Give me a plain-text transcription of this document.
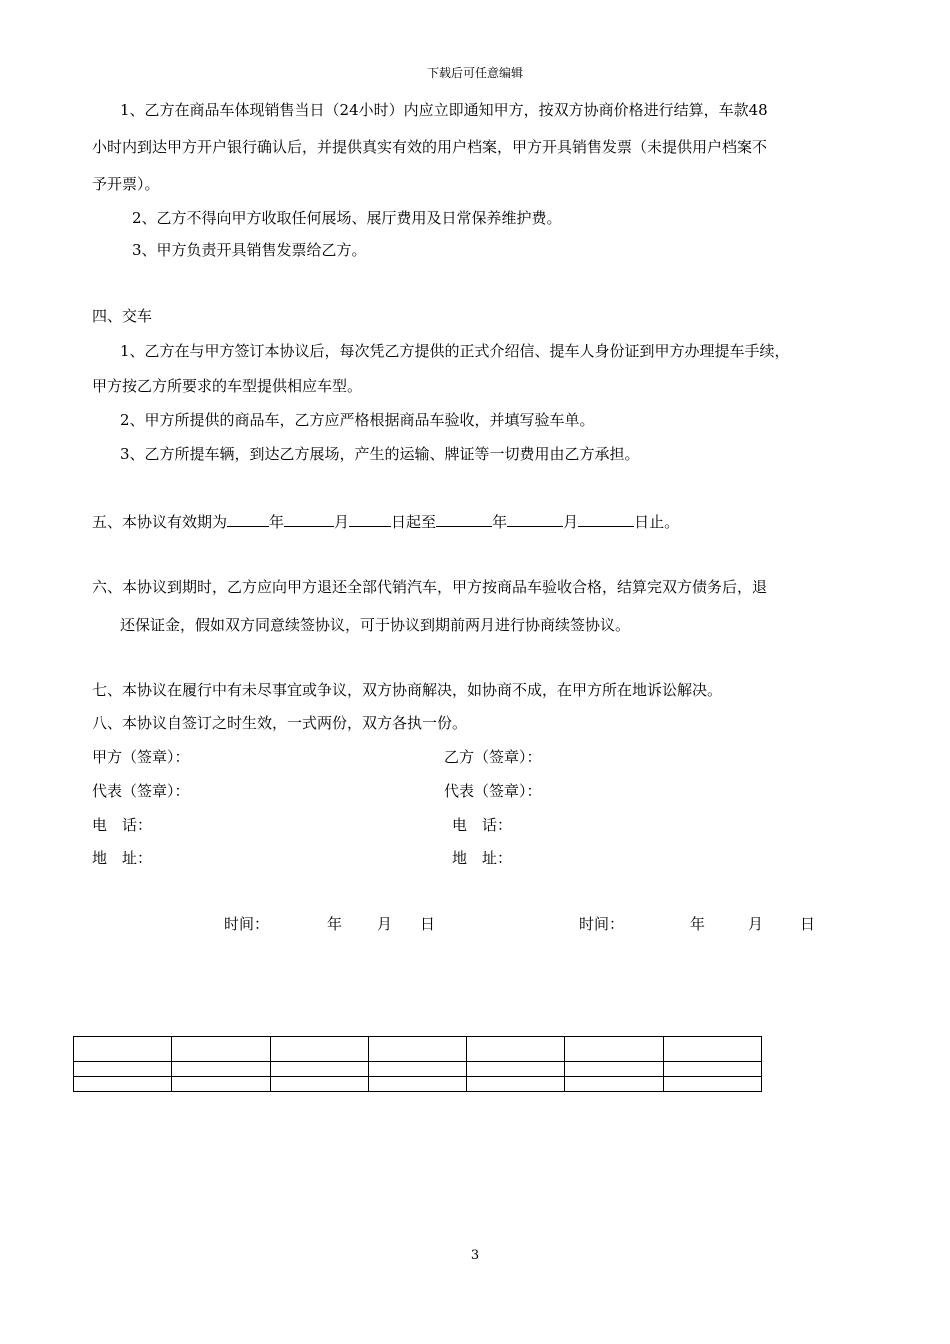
下载后可任意编辑
1、乙方在商品车体现销售当日（24小时）内应立即通知甲方，按双方协商价格进行结算，车款48
小时内到达甲方开户银行确认后，并提供真实有效的用户档案，甲方开具销售发票（未提供用户档案不
予开票）。
2、乙方不得向甲方收取任何展场、展厅费用及日常保养维护费。
3、甲方负责开具销售发票给乙方。
四、交车
1、乙方在与甲方签订本协议后，每次凭乙方提供的正式介绍信、提车人身份证到甲方办理提车手续，
甲方按乙方所要求的车型提供相应车型。
2、甲方所提供的商品车，乙方应严格根据商品车验收，并填写验车单。
3、乙方所提车辆，到达乙方展场，产生的运输、牌证等一切费用由乙方承担。
五、本协议有效期为	年	月	日起至	年	月	日止。
六、本协议到期时，乙方应向甲方退还全部代销汽车，甲方按商品车验收合格，结算完双方债务后，退
还保证金，假如双方同意续签协议，可于协议到期前两月进行协商续签协议。
七、本协议在履行中有未尽事宜或争议，双方协商解决，如协商不成，在甲方所在地诉讼解决。
八、本协议自签订之时生效，一式两份，双方各执一份。
甲方（签章）：	乙方（签章）：
代表（签章）：	代表（签章）：
电　话：	电　话：
地　址：	地　址：
时间：	年 月 日	时间：	年	月 日

3
